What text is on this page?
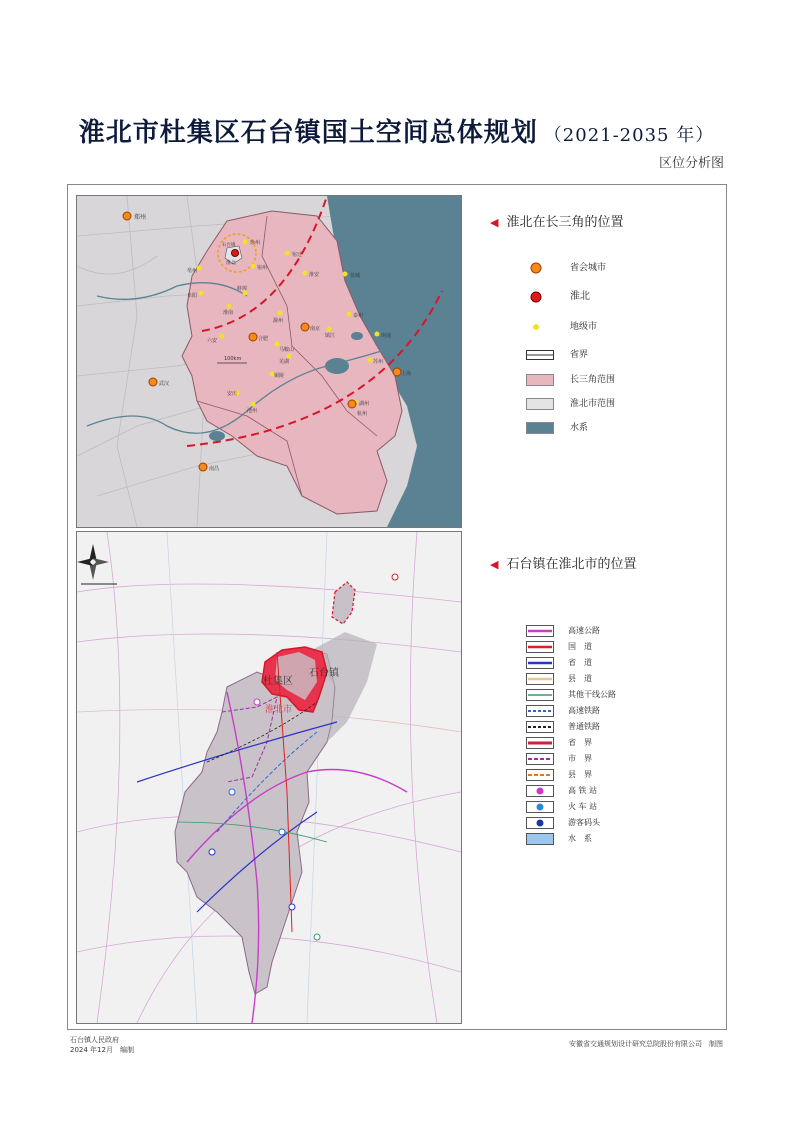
淮北市杜集区石台镇国土空间总体规划 （2021-2035 年）
区位分析图
郑州
徐州
宿迁
盐城
淮北
石台镇
阜阳
蚌埠
淮南
滁州
南京
镇江
泰州
南通
六安	合肥
马鞍山
芜湖	苏州
上海
武汉
安庆
铜陵
池州
湖州
杭州
南昌
宿州
亳州
淮安
100km
杜集区
石台镇
淮北市
◀ 淮北在长三角的位置
省会城市
淮北
地级市
省界
长三角范围
淮北市范围
水系
◀ 石台镇在淮北市的位置
高速公路
国　道
省　道
县　道
其他干线公路
高速铁路
普通铁路
省　界
市　界
县　界
高 铁 站
火 车 站
游客码头
水　系
石台镇人民政府
2024 年12月　 编制
安徽省交通规划设计研究总院股份有限公司　 制图
